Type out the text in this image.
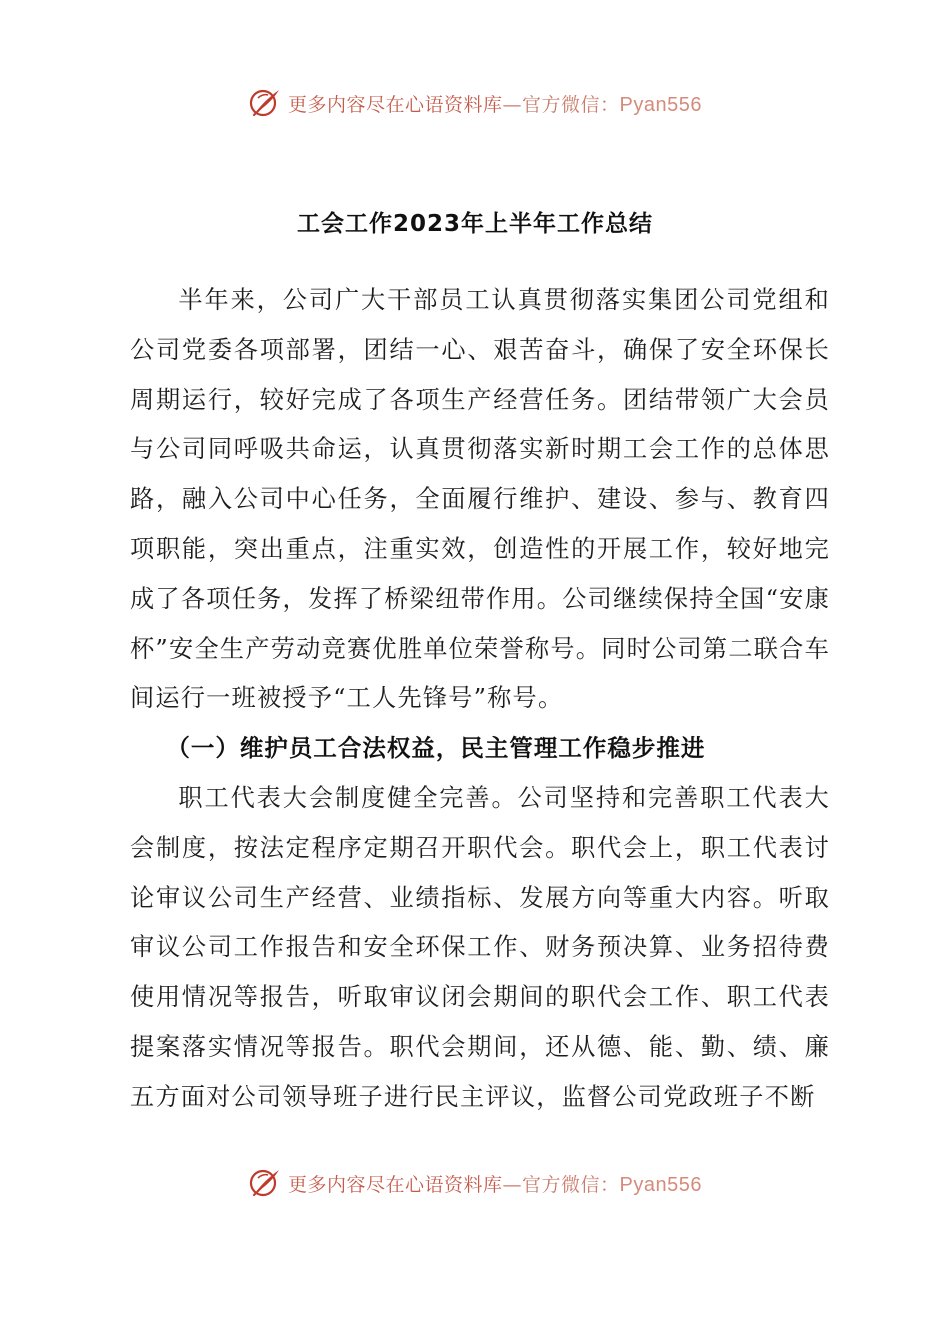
更多内容尽在心语资料库—官方微信：Pyan556
工会工作2023年上半年工作总结

半年来，公司广大干部员工认真贯彻落实集团公司党组和公司党委各项部署，团结一心、艰苦奋斗，确保了安全环保长周期运行，较好完成了各项生产经营任务。团结带领广大会员与公司同呼吸共命运，认真贯彻落实新时期工会工作的总体思路，融入公司中心任务，全面履行维护、建设、参与、教育四项职能，突出重点，注重实效，创造性的开展工作，较好地完成了各项任务，发挥了桥梁纽带作用。公司继续保持全国“安康杯”安全生产劳动竞赛优胜单位荣誉称号。同时公司第二联合车间运行一班被授予“工人先锋号”称号。

（一）维护员工合法权益，民主管理工作稳步推进

职工代表大会制度健全完善。公司坚持和完善职工代表大会制度，按法定程序定期召开职代会。职代会上，职工代表讨论审议公司生产经营、业绩指标、发展方向等重大内容。听取审议公司工作报告和安全环保工作、财务预决算、业务招待费使用情况等报告，听取审议闭会期间的职代会工作、职工代表提案落实情况等报告。职代会期间，还从德、能、勤、绩、廉五方面对公司领导班子进行民主评议，监督公司党政班子不断

更多内容尽在心语资料库—官方微信：Pyan556
